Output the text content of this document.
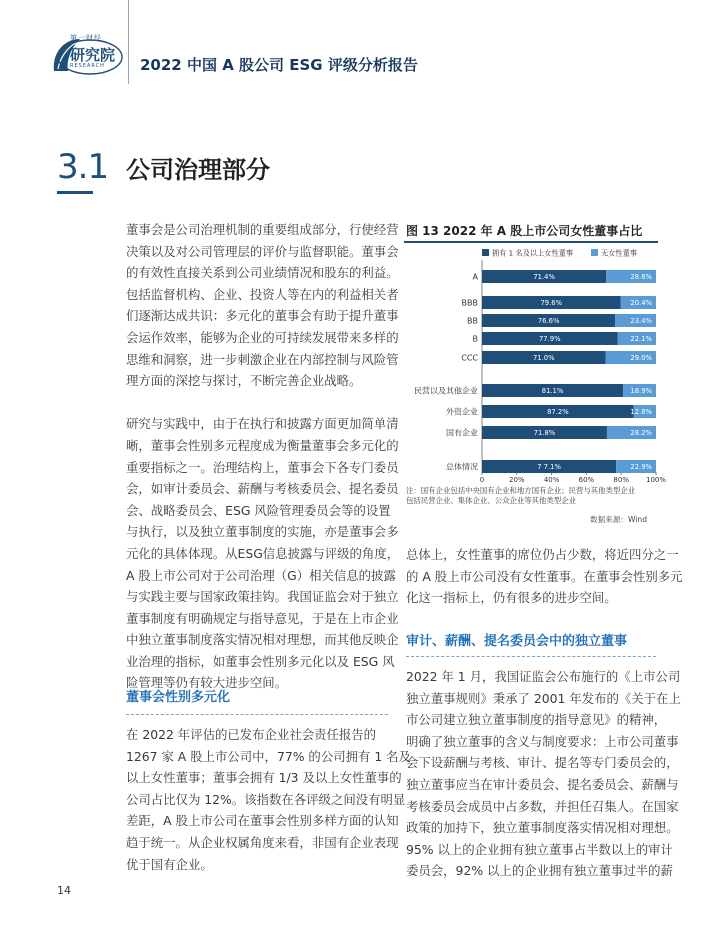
第一财经
研究院
RESEARCH 2022 中国 A 股公司 ESG 评级分析报告
3.1 公司治理部分
董事会是公司治理机制的重要组成部分，行使经营
决策以及对公司管理层的评价与监督职能。董事会
的有效性直接关系到公司业绩情况和股东的利益。
包括监督机构、企业、投资人等在内的利益相关者
们逐渐达成共识：多元化的董事会有助于提升董事
会运作效率，能够为企业的可持续发展带来多样的
思维和洞察，进一步刺激企业在内部控制与风险管
理方面的深挖与探讨，不断完善企业战略。

研究与实践中，由于在执行和披露方面更加简单清
晰，董事会性别多元程度成为衡量董事会多元化的
重要指标之一。治理结构上，董事会下各专门委员
会，如审计委员会、薪酬与考核委员会、提名委员
会、战略委员会、ESG 风险管理委员会等的设置
与执行，以及独立董事制度的实施，亦是董事会多
元化的具体体现。从ESG信息披露与评级的角度，
A 股上市公司对于公司治理（G）相关信息的披露
与实践主要与国家政策挂钩。我国证监会对于独立
董事制度有明确规定与指导意见，于是在上市企业
中独立董事制度落实情况相对理想，而其他反映企
业治理的指标，如董事会性别多元化以及 ESG 风
险管理等仍有较大进步空间。
董事会性别多元化
在 2022 年评估的已发布企业社会责任报告的
1267 家 A 股上市公司中，77% 的公司拥有 1 名及
以上女性董事；董事会拥有 1/3 及以上女性董事的
公司占比仅为 12%。该指数在各评级之间没有明显
差距，A 股上市公司在董事会性别多样方面的认知
趋于统一。从企业权属角度来看，非国有企业表现
优于国有企业。
图 13 2022 年 A 股上市公司女性董事占比
拥有 1 名及以上女性董事	无女性董事
0	20%	40%	60%	80% 100%
A	71.4%	28.6%
BBB	79.6%	20.4%
BB	76.6%	23.4%
B	77.9%	22.1%
CCC	71.0%	29.0%
民营以及其他企业	81.1%	18.9%
外资企业	87.2%	12.8%
国有企业	71.8%	28.2%
总体情况	7 7.1%	22.9%
注：国有企业包括中央国有企业和地方国有企业；民营与其他类型企业
包括民营企业、集体企业、公众企业等其他类型企业
数据来源：Wind
总体上，女性董事的席位仍占少数，将近四分之一
的 A 股上市公司没有女性董事。在董事会性别多元
化这一指标上，仍有很多的进步空间。
审计、薪酬、提名委员会中的独立董事
2022 年 1 月，我国证监会公布施行的《上市公司
独立董事规则》秉承了 2001 年发布的《关于在上
市公司建立独立董事制度的指导意见》的精神，
明确了独立董事的含义与制度要求：上市公司董事
会下设薪酬与考核、审计、提名等专门委员会的，
独立董事应当在审计委员会、提名委员会、薪酬与
考核委员会成员中占多数，并担任召集人。在国家
政策的加持下，独立董事制度落实情况相对理想。
95% 以上的企业拥有独立董事占半数以上的审计
委员会，92% 以上的企业拥有独立董事过半的薪
14
